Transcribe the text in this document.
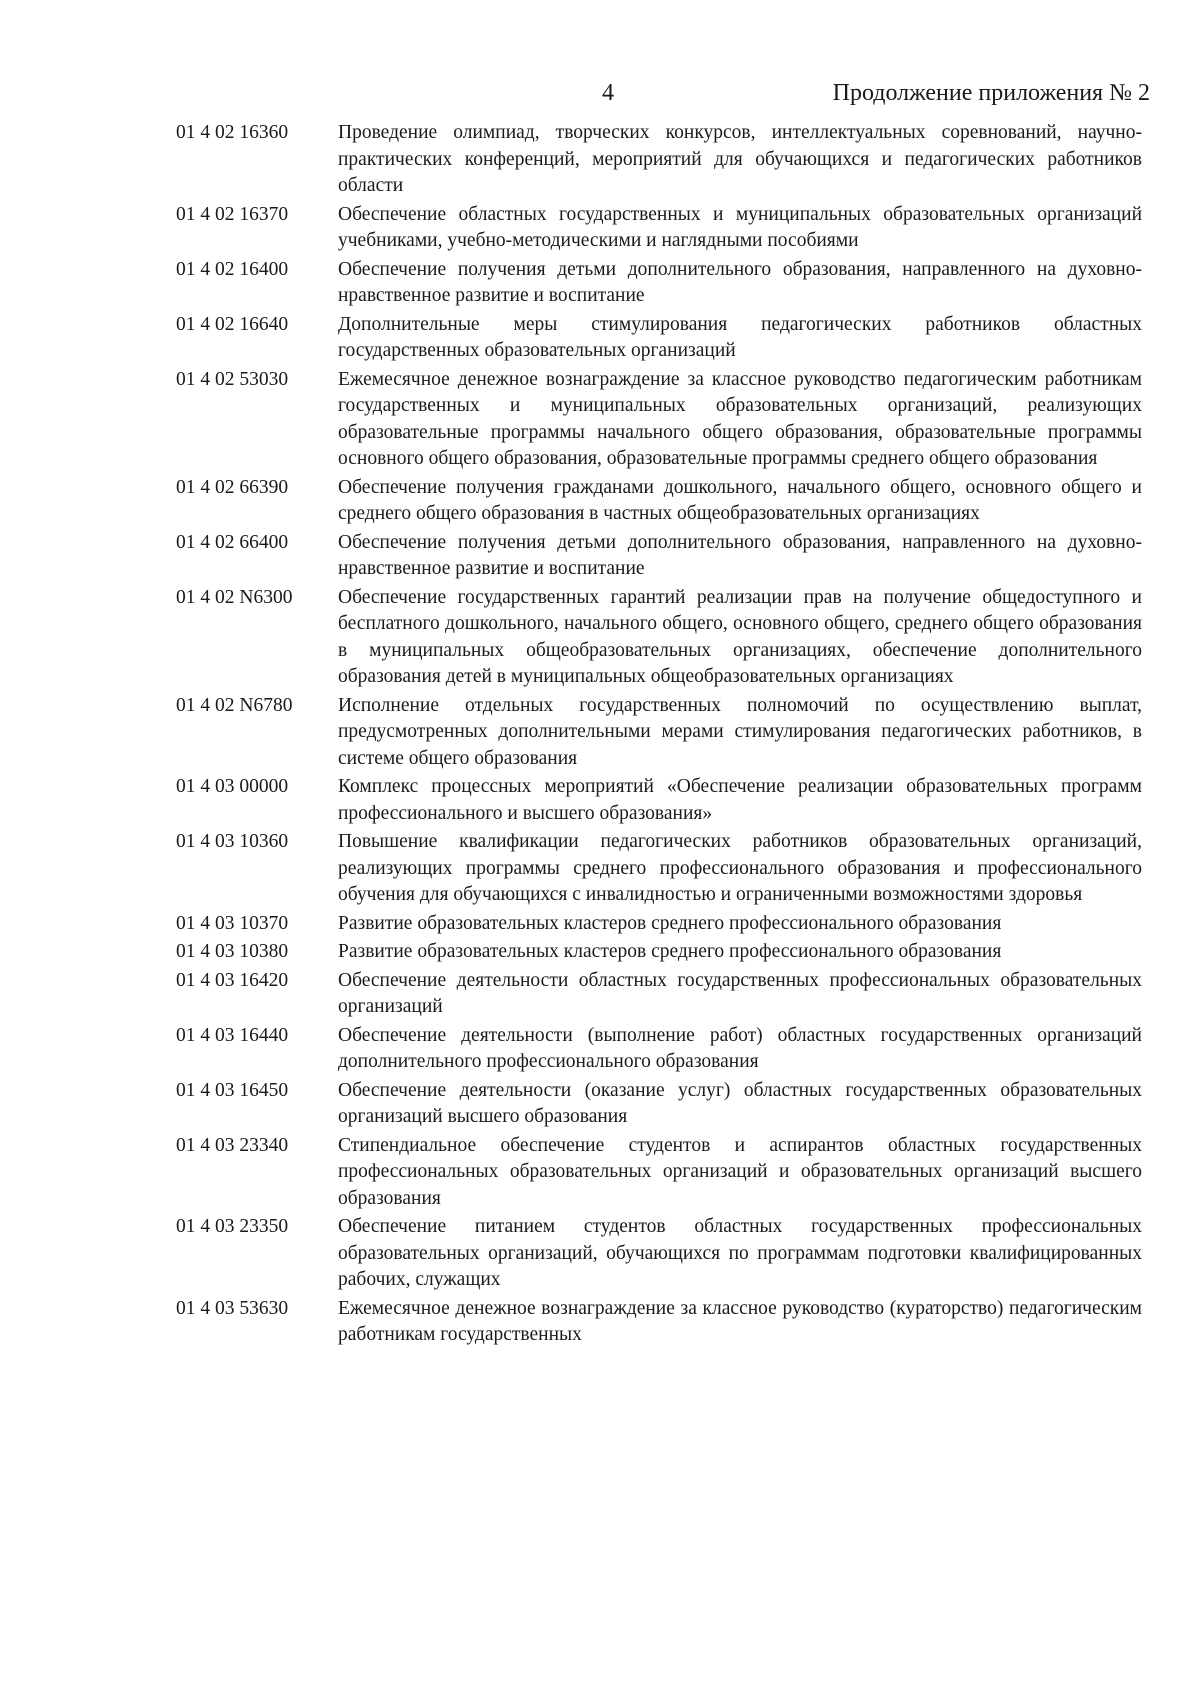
4	Продолжение приложения № 2
01 4 02 16360	Проведение олимпиад, творческих конкурсов, интеллектуальных соревнований, научно-практических конференций, мероприятий для обучающихся и педагогических работников области
01 4 02 16370	Обеспечение областных государственных и муниципальных образовательных организаций учебниками, учебно-методическими и наглядными пособиями
01 4 02 16400	Обеспечение получения детьми дополнительного образования, направленного на духовно-нравственное развитие и воспитание
01 4 02 16640	Дополнительные меры стимулирования педагогических работников областных государственных образовательных организаций
01 4 02 53030	Ежемесячное денежное вознаграждение за классное руководство педагогическим работникам государственных и муниципальных образовательных организаций, реализующих образовательные программы начального общего образования, образовательные программы основного общего образования, образовательные программы среднего общего образования
01 4 02 66390	Обеспечение получения гражданами дошкольного, начального общего, основного общего и среднего общего образования в частных общеобразовательных организациях
01 4 02 66400	Обеспечение получения детьми дополнительного образования, направленного на духовно-нравственное развитие и воспитание
01 4 02 N6300	Обеспечение государственных гарантий реализации прав на получение общедоступного и бесплатного дошкольного, начального общего, основного общего, среднего общего образования в муниципальных общеобразовательных организациях, обеспечение дополнительного образования детей в муниципальных общеобразовательных организациях
01 4 02 N6780	Исполнение отдельных государственных полномочий по осуществлению выплат, предусмотренных дополнительными мерами стимулирования педагогических работников, в системе общего образования
01 4 03 00000	Комплекс процессных мероприятий «Обеспечение реализации образовательных программ профессионального и высшего образования»
01 4 03 10360	Повышение квалификации педагогических работников образовательных организаций, реализующих программы среднего профессионального образования и профессионального обучения для обучающихся с инвалидностью и ограниченными возможностями здоровья
01 4 03 10370	Развитие образовательных кластеров среднего профессионального образования
01 4 03 10380	Развитие образовательных кластеров среднего профессионального образования
01 4 03 16420	Обеспечение деятельности областных государственных профессиональных образовательных организаций
01 4 03 16440	Обеспечение деятельности (выполнение работ) областных государственных организаций дополнительного профессионального образования
01 4 03 16450	Обеспечение деятельности (оказание услуг) областных государственных образовательных организаций высшего образования
01 4 03 23340	Стипендиальное обеспечение студентов и аспирантов областных государственных профессиональных образовательных организаций и образовательных организаций высшего образования
01 4 03 23350	Обеспечение питанием студентов областных государственных профессиональных образовательных организаций, обучающихся по программам подготовки квалифицированных рабочих, служащих
01 4 03 53630	Ежемесячное денежное вознаграждение за классное руководство (кураторство) педагогическим работникам государственных
